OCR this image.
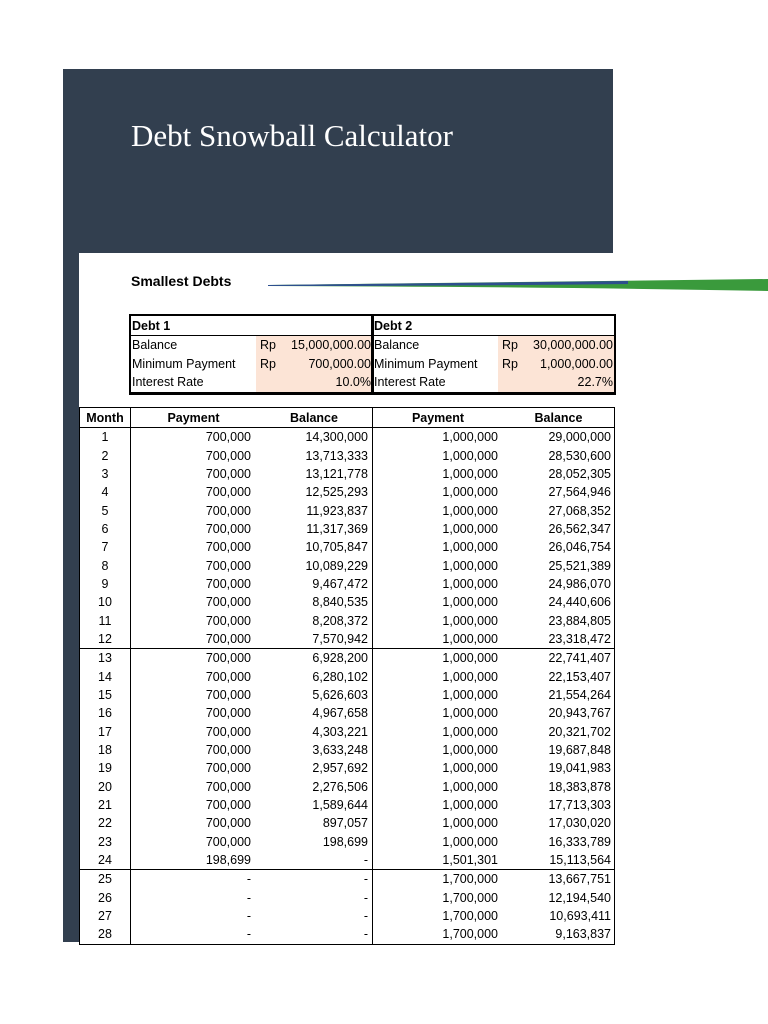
Debt Snowball Calculator
Smallest Debts
Debt 1
Balance	Rp 15,000,000.00
Minimum Payment	Rp	700,000.00
Interest Rate	10.0%
Debt 2
Balance	Rp 30,000,000.00
Minimum Payment	Rp 1,000,000.00
Interest Rate	22.7%
Month	Payment	Balance	Payment	Balance
1	700,000	14,300,000	1,000,000	29,000,000
2	700,000	13,713,333	1,000,000	28,530,600
3	700,000	13,121,778	1,000,000	28,052,305
4	700,000	12,525,293	1,000,000	27,564,946
5	700,000	11,923,837	1,000,000	27,068,352
6	700,000	11,317,369	1,000,000	26,562,347
7	700,000	10,705,847	1,000,000	26,046,754
8	700,000	10,089,229	1,000,000	25,521,389
9	700,000	9,467,472	1,000,000	24,986,070
10	700,000	8,840,535	1,000,000	24,440,606
11	700,000	8,208,372	1,000,000	23,884,805
12	700,000	7,570,942	1,000,000	23,318,472
13	700,000	6,928,200	1,000,000	22,741,407
14	700,000	6,280,102	1,000,000	22,153,407
15	700,000	5,626,603	1,000,000	21,554,264
16	700,000	4,967,658	1,000,000	20,943,767
17	700,000	4,303,221	1,000,000	20,321,702
18	700,000	3,633,248	1,000,000	19,687,848
19	700,000	2,957,692	1,000,000	19,041,983
20	700,000	2,276,506	1,000,000	18,383,878
21	700,000	1,589,644	1,000,000	17,713,303
22	700,000	897,057	1,000,000	17,030,020
23	700,000	198,699	1,000,000	16,333,789
24	198,699	-	1,501,301	15,113,564
25	-	-	1,700,000	13,667,751
26	-	-	1,700,000	12,194,540
27	-	-	1,700,000	10,693,411
28	-	-	1,700,000	9,163,837
